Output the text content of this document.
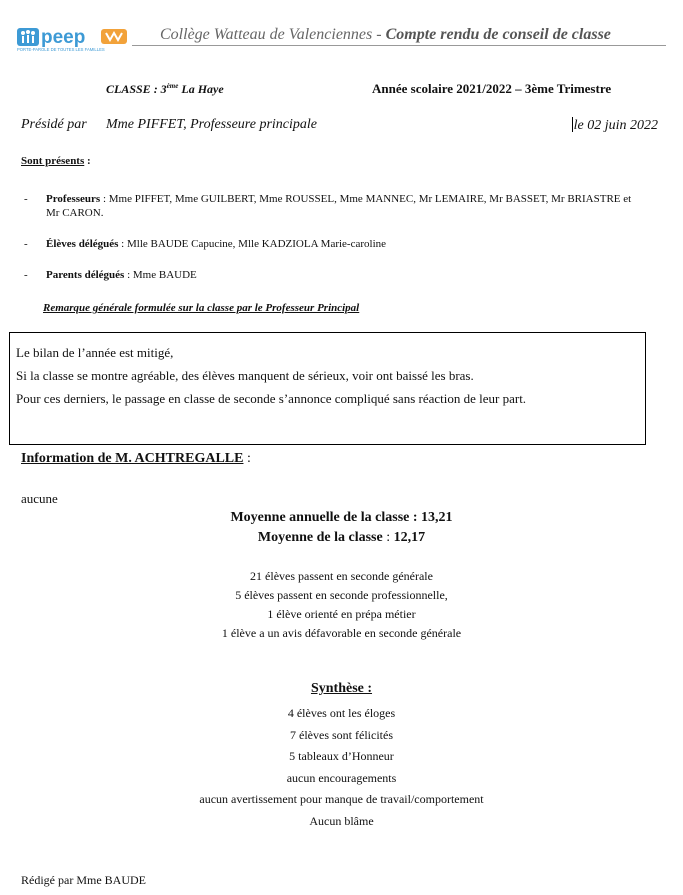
peep
PORTE-PAROLE DE TOUTES LES FAMILLES
Collège Watteau de Valenciennes - Compte rendu de conseil de classe
CLASSE : 3ème La Haye	Année scolaire 2021/2022 – 3ème Trimestre
Présidé par Mme PIFFET, Professeure principale	le 02 juin 2022
Sont présents :
- Professeurs : Mme PIFFET, Mme GUILBERT, Mme ROUSSEL, Mme MANNEC, Mr LEMAIRE, Mr BASSET, Mr BRIASTRE et Mr CARON.
- Élèves délégués : Mlle BAUDE Capucine, Mlle KADZIOLA Marie-caroline
- Parents délégués : Mme BAUDE
Remarque générale formulée sur la classe par le Professeur Principal
Le bilan de l’année est mitigé,
Si la classe se montre agréable, des élèves manquent de sérieux, voir ont baissé les bras.
Pour ces derniers, le passage en classe de seconde s’annonce compliqué sans réaction de leur part.
Information de M. ACHTREGALLE :
aucune
Moyenne annuelle de la classe : 13,21
Moyenne de la classe : 12,17
21 élèves passent en seconde générale
5 élèves passent en seconde professionnelle,
1 élève orienté en prépa métier
1 élève a un avis défavorable en seconde générale
Synthèse :
4 élèves ont les éloges
7 élèves sont félicités
5 tableaux d’Honneur
aucun encouragements
aucun avertissement pour manque de travail/comportement
Aucun blâme
Rédigé par Mme BAUDE
